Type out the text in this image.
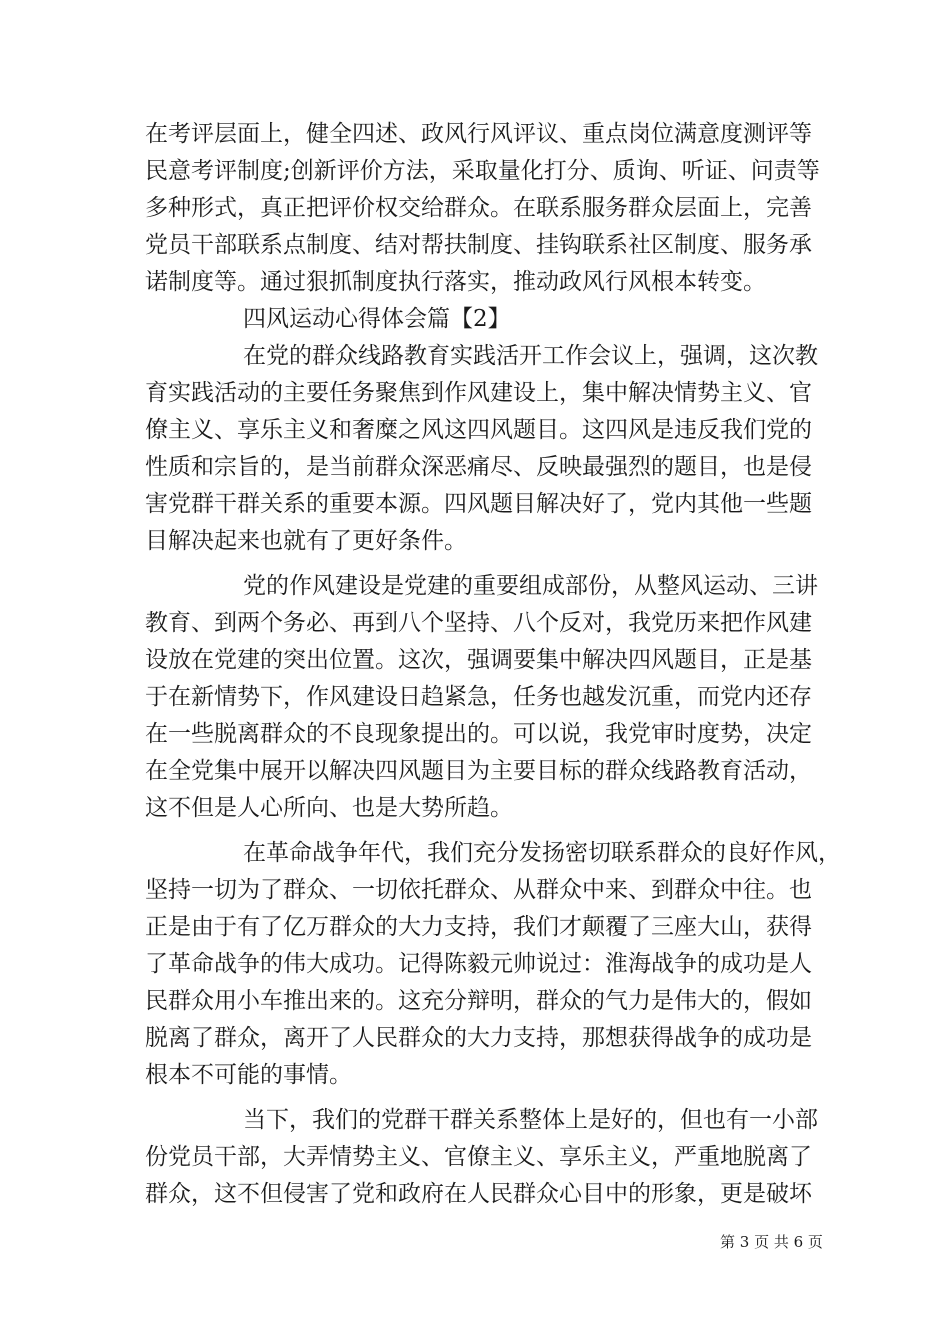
在考评层面上，健全四述、政风行风评议、重点岗位满意度测评等
民意考评制度;创新评价方法，采取量化打分、质询、听证、问责等
多种形式，真正把评价权交给群众。在联系服务群众层面上，完善
党员干部联系点制度、结对帮扶制度、挂钩联系社区制度、服务承
诺制度等。通过狠抓制度执行落实，推动政风行风根本转变。
四风运动心得体会篇【2】
在党的群众线路教育实践活开工作会议上，强调，这次教
育实践活动的主要任务聚焦到作风建设上，集中解决情势主义、官
僚主义、享乐主义和奢糜之风这四风题目。这四风是违反我们党的
性质和宗旨的，是当前群众深恶痛尽、反映最强烈的题目，也是侵
害党群干群关系的重要本源。四风题目解决好了，党内其他一些题
目解决起来也就有了更好条件。
党的作风建设是党建的重要组成部份，从整风运动、三讲
教育、到两个务必、再到八个坚持、八个反对，我党历来把作风建
设放在党建的突出位置。这次，强调要集中解决四风题目，正是基
于在新情势下，作风建设日趋紧急，任务也越发沉重，而党内还存
在一些脱离群众的不良现象提出的。可以说，我党审时度势，决定
在全党集中展开以解决四风题目为主要目标的群众线路教育活动，
这不但是人心所向、也是大势所趋。
在革命战争年代，我们充分发扬密切联系群众的良好作风，
坚持一切为了群众、一切依托群众、从群众中来、到群众中往。也
正是由于有了亿万群众的大力支持，我们才颠覆了三座大山，获得
了革命战争的伟大成功。记得陈毅元帅说过：淮海战争的成功是人
民群众用小车推出来的。这充分辩明，群众的气力是伟大的，假如
脱离了群众，离开了人民群众的大力支持，那想获得战争的成功是
根本不可能的事情。
当下，我们的党群干群关系整体上是好的，但也有一小部
份党员干部，大弄情势主义、官僚主义、享乐主义，严重地脱离了
群众，这不但侵害了党和政府在人民群众心目中的形象，更是破坏
第 3 页 共 6 页
